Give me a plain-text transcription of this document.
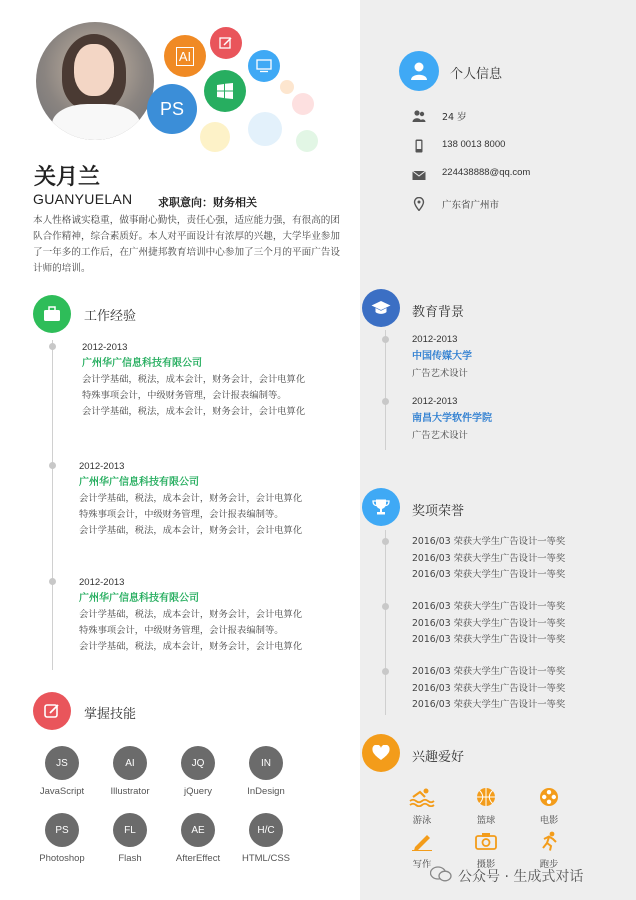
AI
PS
关月兰
GUANYUELAN 求职意向：财务相关
本人性格诚实稳重，做事耐心勤快，责任心强，适应能力强，有很高的团队合作精神，综合素质好。本人对平面设计有浓厚的兴趣，大学毕业参加了一年多的工作后，在广州捷邦教育培训中心参加了三个月的平面广告设计师的培训。
工作经验
2012-2013
广州华广信息科技有限公司
会计学基础，税法，成本会计，财务会计，会计电算化
特殊事项会计，中级财务管理，会计报表编制等。
会计学基础，税法，成本会计，财务会计，会计电算化
2012-2013
广州华广信息科技有限公司
会计学基础，税法，成本会计，财务会计，会计电算化
特殊事项会计，中级财务管理，会计报表编制等。
会计学基础，税法，成本会计，财务会计，会计电算化
2012-2013
广州华广信息科技有限公司
会计学基础，税法，成本会计，财务会计，会计电算化
特殊事项会计，中级财务管理，会计报表编制等。
会计学基础，税法，成本会计，财务会计，会计电算化
掌握技能
JS
JavaScript
AI
Illustrator
JQ
jQuery
IN
InDesign
PS
Photoshop
FL
Flash
AE
AfterEffect
H/C
HTML/CSS
个人信息
24 岁
138 0013 8000
224438888@qq.com
广东省广州市
教育背景
2012-2013
中国传媒大学
广告艺术设计
2012-2013
南昌大学软件学院
广告艺术设计
奖项荣誉
2016/03 荣获大学生广告设计一等奖
2016/03 荣获大学生广告设计一等奖
2016/03 荣获大学生广告设计一等奖
2016/03 荣获大学生广告设计一等奖
2016/03 荣获大学生广告设计一等奖
2016/03 荣获大学生广告设计一等奖
2016/03 荣获大学生广告设计一等奖
2016/03 荣获大学生广告设计一等奖
2016/03 荣获大学生广告设计一等奖
兴趣爱好
游泳	篮球	电影
写作	摄影	跑步
公众号 · 生成式对话
